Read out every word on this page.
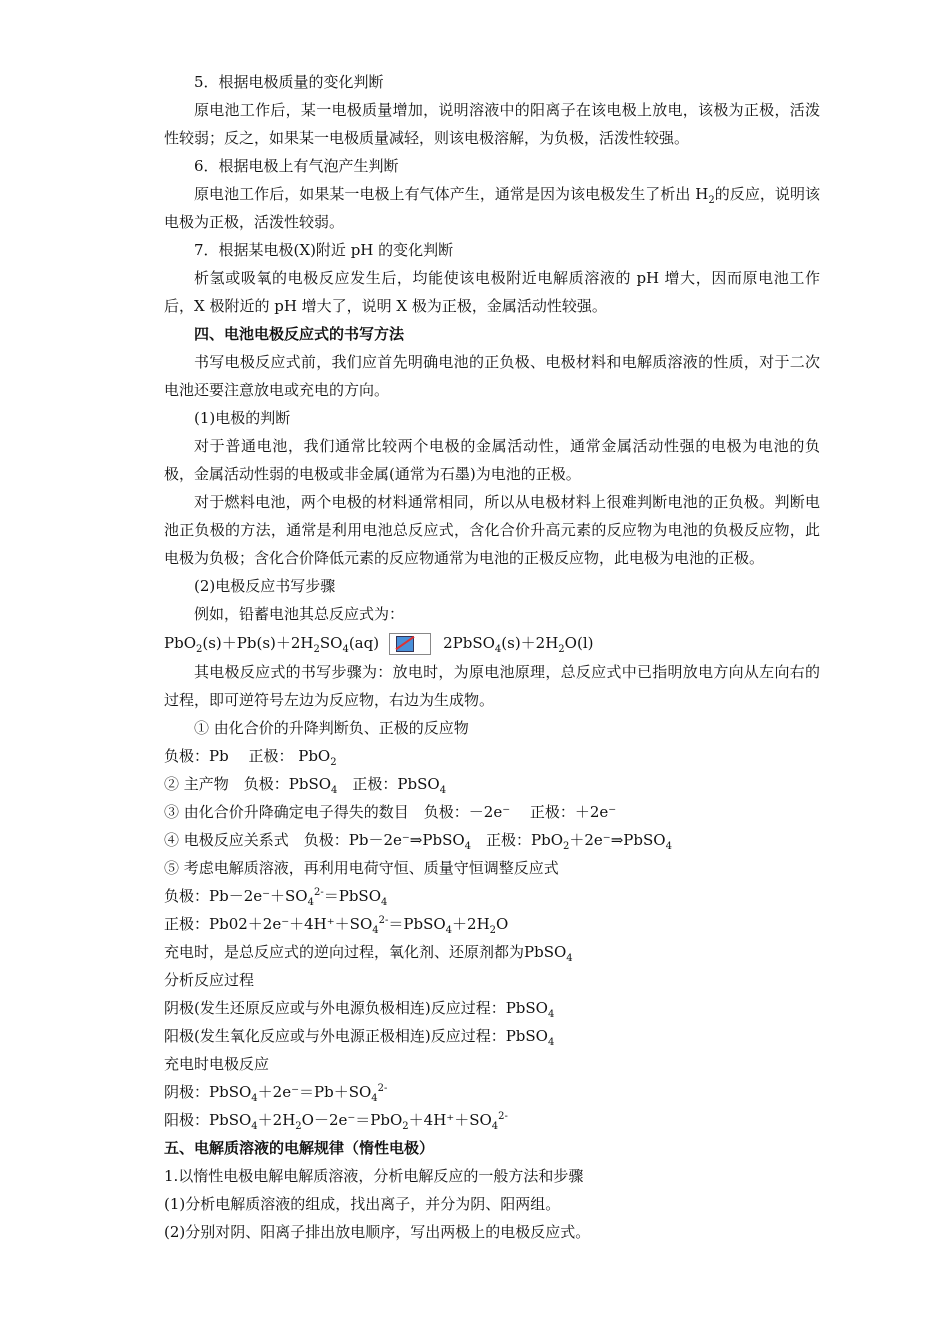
5．根据电极质量的变化判断
原电池工作后，某一电极质量增加，说明溶液中的阳离子在该电极上放电，该极为正极，活泼性较弱；反之，如果某一电极质量减轻，则该电极溶解，为负极，活泼性较强。
6．根据电极上有气泡产生判断
原电池工作后，如果某一电极上有气体产生，通常是因为该电极发生了析出 $H_2$的反应，说明该电极为正极，活泼性较弱。
7．根据某电极(X)附近 pH 的变化判断
析氢或吸氧的电极反应发生后，均能使该电极附近电解质溶液的 pH 增大，因而原电池工作后，X 极附近的 pH 增大了，说明 X 极为正极，金属活动性较强。
四、电池电极反应式的书写方法
书写电极反应式前，我们应首先明确电池的正负极、电极材料和电解质溶液的性质，对于二次电池还要注意放电或充电的方向。
(1)电极的判断
对于普通电池，我们通常比较两个电极的金属活动性，通常金属活动性强的电极为电池的负极，金属活动性弱的电极或非金属(通常为石墨)为电池的正极。
对于燃料电池，两个电极的材料通常相同，所以从电极材料上很难判断电池的正负极。判断电池正负极的方法，通常是利用电池总反应式，含化合价升高元素的反应物为电池的负极反应物，此电极为负极；含化合价降低元素的反应物通常为电池的正极反应物，此电极为电池的正极。
(2)电极反应书写步骤
例如，铅蓄电池其总反应式为：
$PbO_2(s)+Pb(s)+2H_2SO_4(aq)$	$2PbSO_4(s)+2H_2O(l)$
其电极反应式的书写步骤为：放电时，为原电池原理，总反应式中已指明放电方向从左向右的过程，即可逆符号左边为反应物，右边为生成物。
① 由化合价的升降判断负、正极的反应物
负极：Pb　 正极： PbO$_2$
② 主产物　负极：PbSO$_4$　正极：PbSO$_4$
③ 由化合价升降确定电子得失的数目　负极：－2e⁻　 正极：＋2e⁻
④ 电极反应关系式　负极：Pb－2e⁻⇒PbSO$_4$　正极：PbO$_2$＋2e⁻⇒PbSO$_4$
⑤ 考虑电解质溶液，再利用电荷守恒、质量守恒调整反应式
负极：$Pb-2e^-+SO_4^{2-}=PbSO_4$
正极：$Pb02+2e^-+4H^++SO_4^{2-}=PbSO_4+2H_2O$
充电时，是总反应式的逆向过程，氧化剂、还原剂都为PbSO$_4$
分析反应过程
阴极(发生还原反应或与外电源负极相连)反应过程：PbSO$_4$
阳极(发生氧化反应或与外电源正极相连)反应过程：PbSO$_4$
充电时电极反应
阴极：$PbSO_4+2e^-=Pb+SO_4^{2-}$
阳极：$PbSO_4+2H_2O-2e^-=PbO_2+4H^++SO_4^{2-}$
五、电解质溶液的电解规律（惰性电极）
1.以惰性电极电解电解质溶液，分析电解反应的一般方法和步骤
(1)分析电解质溶液的组成，找出离子，并分为阴、阳两组。
(2)分别对阴、阳离子排出放电顺序，写出两极上的电极反应式。
